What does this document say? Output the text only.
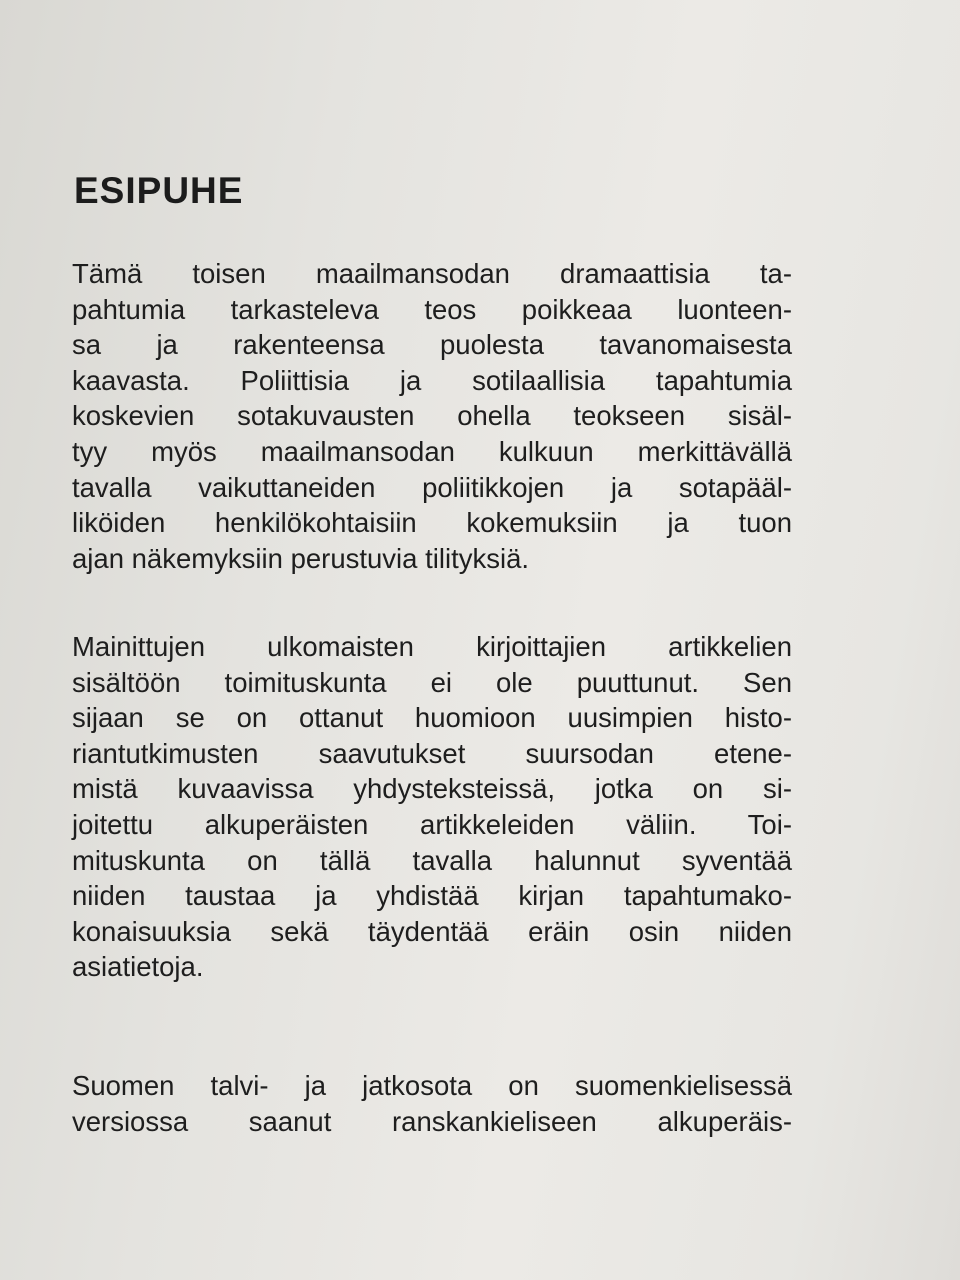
ESIPUHE

Tämä toisen maailmansodan dramaattisia ta-
pahtumia tarkasteleva teos poikkeaa luonteen-
sa ja rakenteensa puolesta tavanomaisesta
kaavasta. Poliittisia ja sotilaallisia tapahtumia
koskevien sotakuvausten ohella teokseen sisäl-
tyy myös maailmansodan kulkuun merkittävällä
tavalla vaikuttaneiden poliitikkojen ja sotapääl-
liköiden henkilökohtaisiin kokemuksiin ja tuon
ajan näkemyksiin perustuvia tilityksiä.

Mainittujen ulkomaisten kirjoittajien artikkelien
sisältöön toimituskunta ei ole puuttunut. Sen
sijaan se on ottanut huomioon uusimpien histo-
riantutkimusten saavutukset suursodan etene-
mistä kuvaavissa yhdysteksteissä, jotka on si-
joitettu alkuperäisten artikkeleiden väliin. Toi-
mituskunta on tällä tavalla halunnut syventää
niiden taustaa ja yhdistää kirjan tapahtumako-
konaisuuksia sekä täydentää eräin osin niiden
asiatietoja.

Suomen talvi- ja jatkosota on suomenkielisessä
versiossa saanut ranskankieliseen alkuperäis-
